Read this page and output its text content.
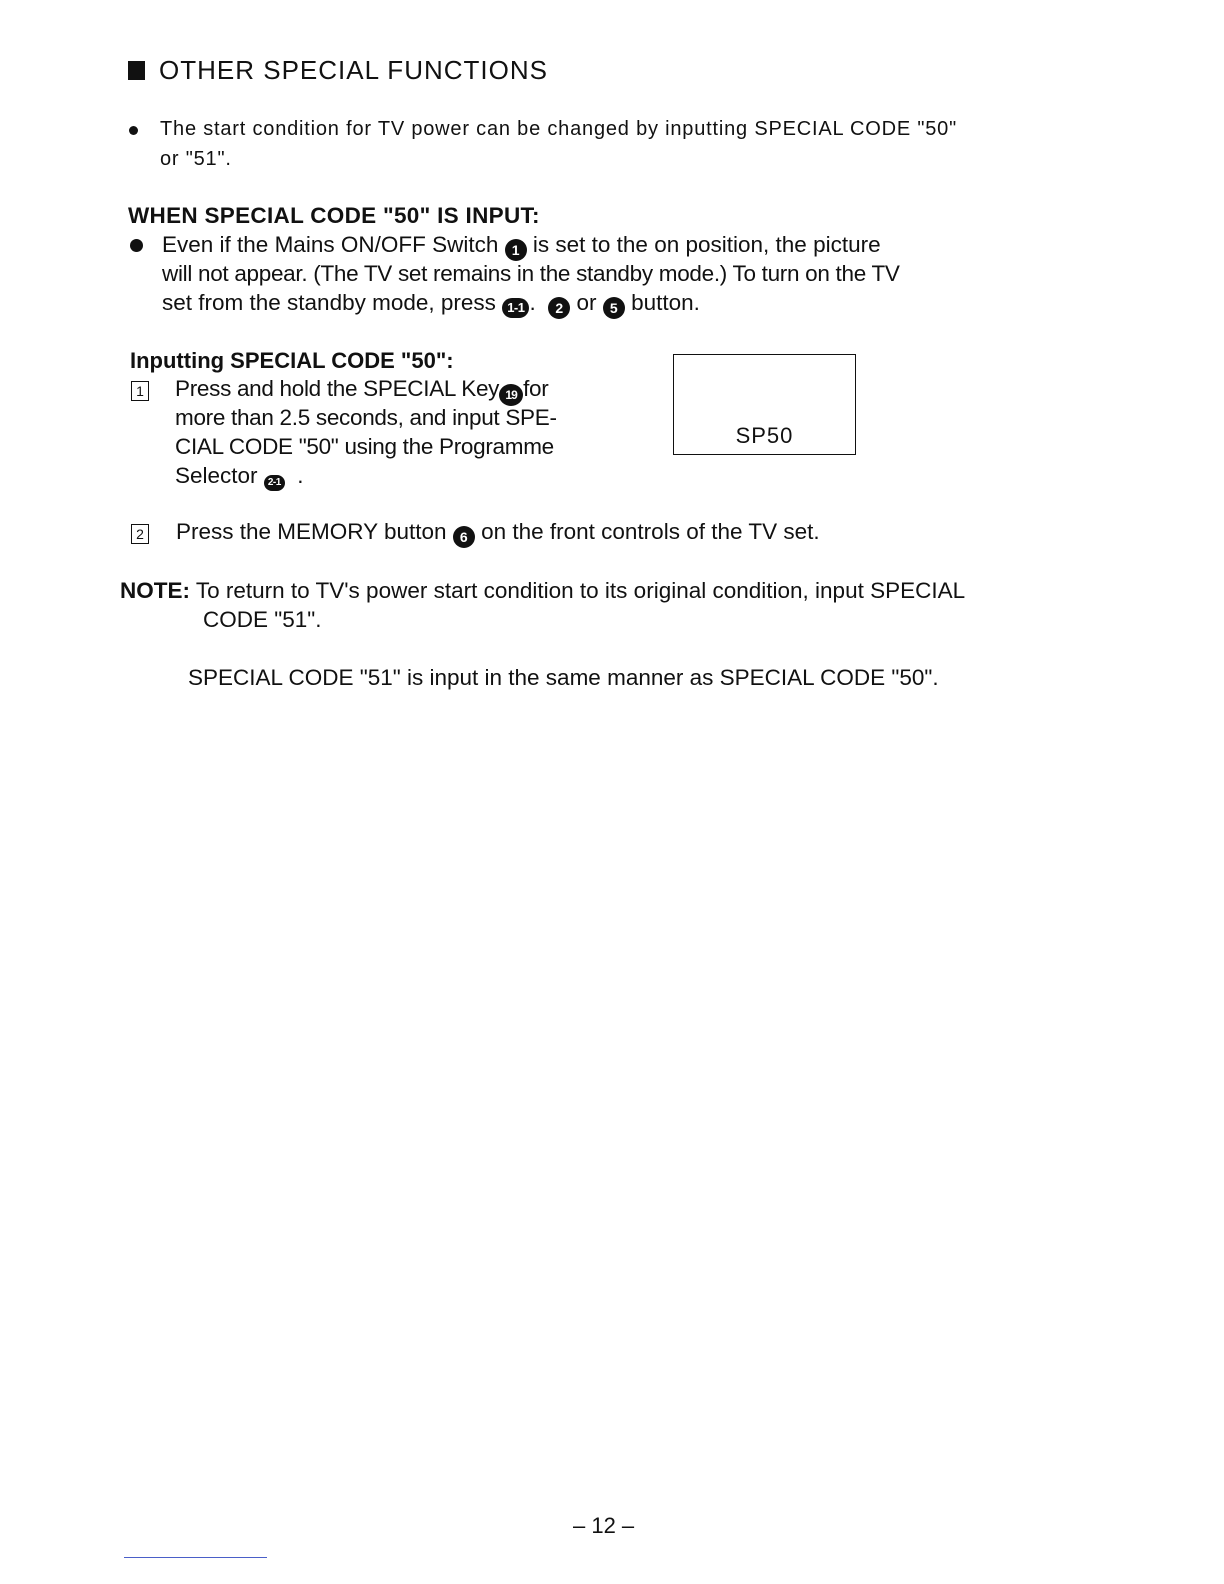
OTHER SPECIAL FUNCTIONS
The start condition for TV power can be changed by inputting SPECIAL CODE "50"
or "51".
WHEN SPECIAL CODE "50" IS INPUT:
Even if the Mains ON/OFF Switch 1 is set to the on position, the picture
will not appear. (The TV set remains in the standby mode.) To turn on the TV
set from the standby mode, press 1-1 . 2 or 5 button.
Inputting SPECIAL CODE "50":
1 Press and hold the SPECIAL Key 19 for
more than 2.5 seconds, and input SPE-
CIAL CODE "50" using the Programme
Selector 2-1 .
SP50
2 Press the MEMORY button 6 on the front controls of the TV set.
NOTE: To return to TV's power start condition to its original condition, input SPECIAL
CODE "51".
SPECIAL CODE "51" is input in the same manner as SPECIAL CODE "50".
– 12 –
